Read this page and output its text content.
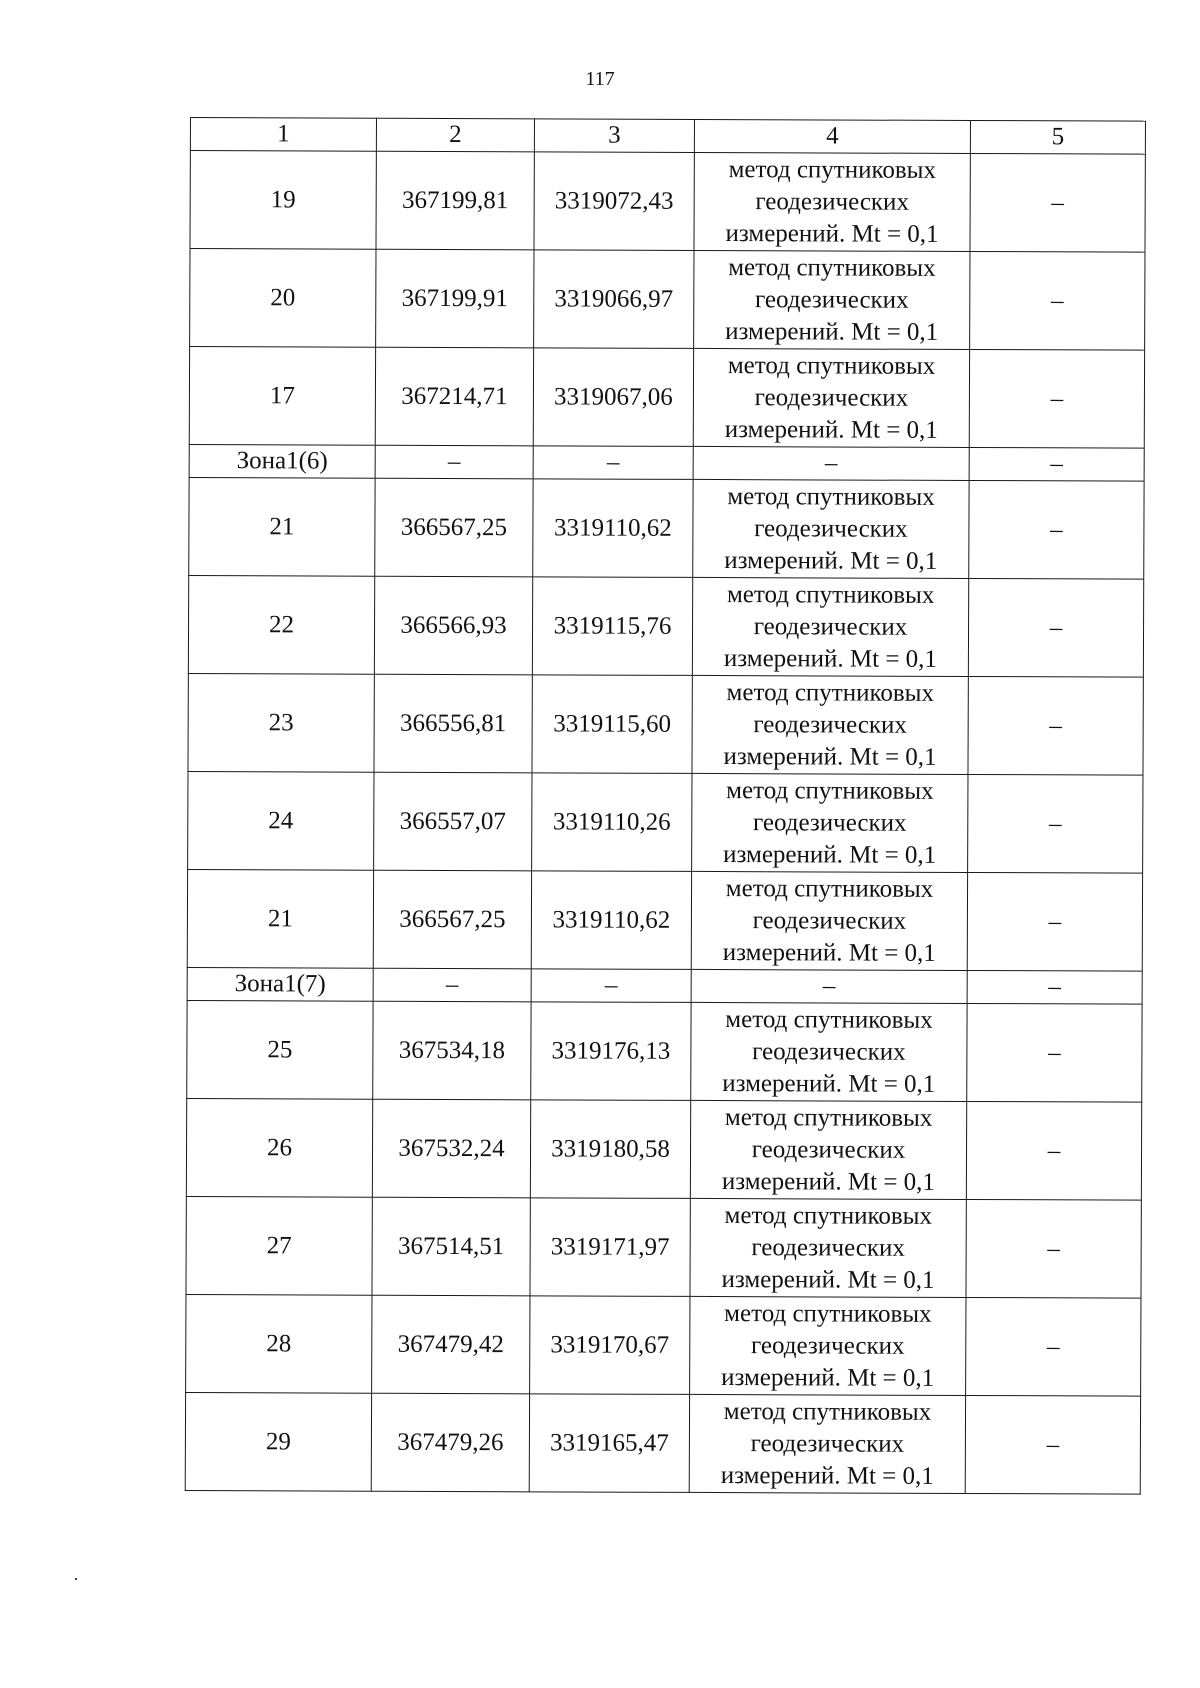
117
1	2	3	4	5
19	367199,81	3319072,43	метод спутниковых геодезических измерений. Mt = 0,1	–
20	367199,91	3319066,97	метод спутниковых геодезических измерений. Mt = 0,1	–
17	367214,71	3319067,06	метод спутниковых геодезических измерений. Mt = 0,1	–
Зона1(6)	–	–	–	–
21	366567,25	3319110,62	метод спутниковых геодезических измерений. Mt = 0,1	–
22	366566,93	3319115,76	метод спутниковых геодезических измерений. Mt = 0,1	–
23	366556,81	3319115,60	метод спутниковых геодезических измерений. Mt = 0,1	–
24	366557,07	3319110,26	метод спутниковых геодезических измерений. Mt = 0,1	–
21	366567,25	3319110,62	метод спутниковых геодезических измерений. Mt = 0,1	–
Зона1(7)	–	–	–	–
25	367534,18	3319176,13	метод спутниковых геодезических измерений. Mt = 0,1	–
26	367532,24	3319180,58	метод спутниковых геодезических измерений. Mt = 0,1	–
27	367514,51	3319171,97	метод спутниковых геодезических измерений. Mt = 0,1	–
28	367479,42	3319170,67	метод спутниковых геодезических измерений. Mt = 0,1	–
29	367479,26	3319165,47	метод спутниковых геодезических измерений. Mt = 0,1	–
